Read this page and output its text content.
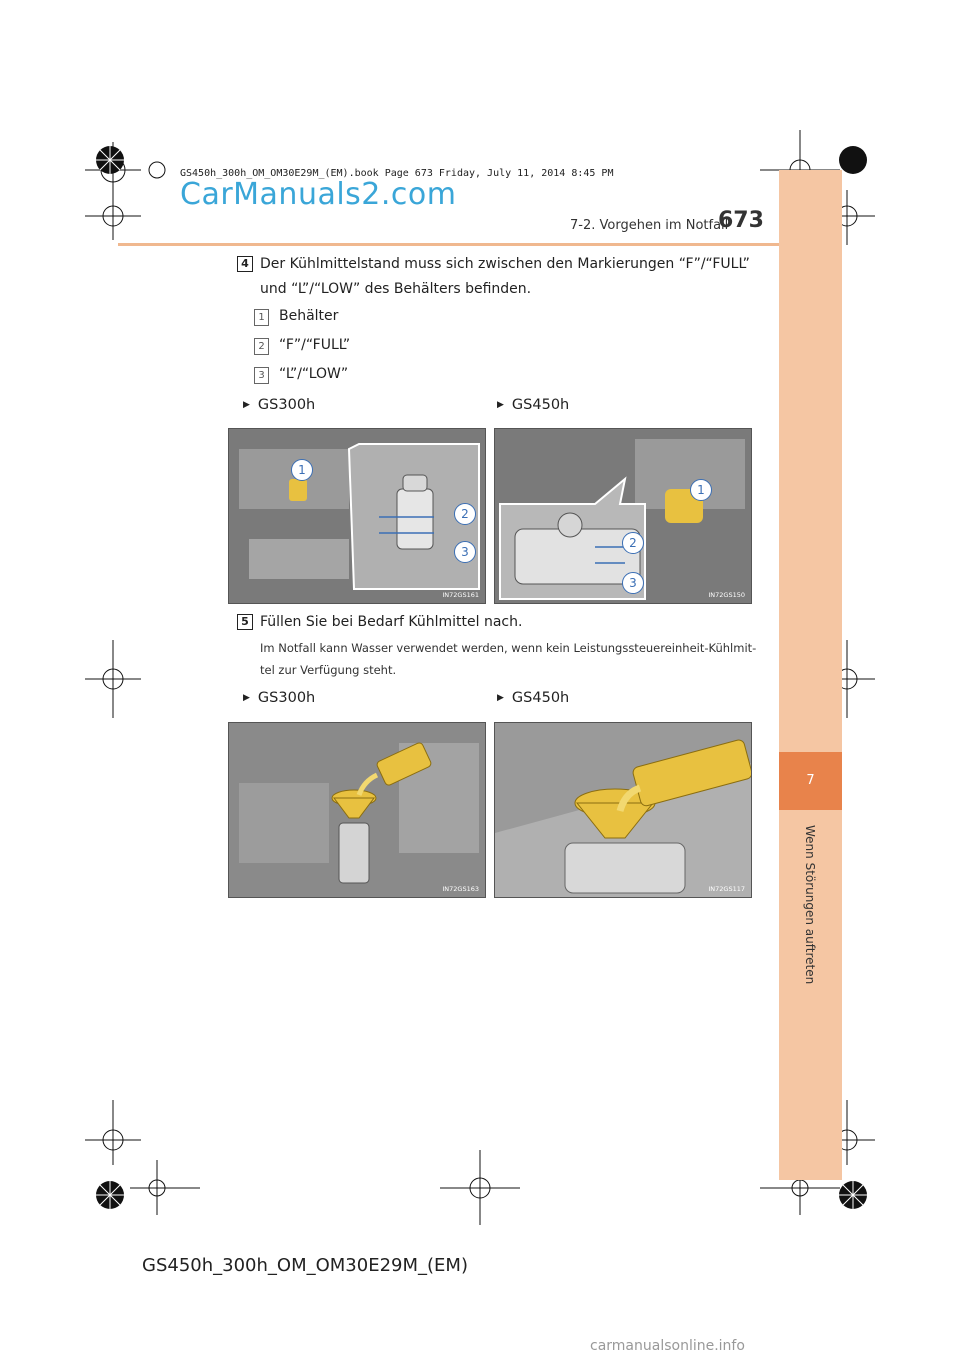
7
Wenn Störungen auftreten
GS450h_300h_OM_OM30E29M_(EM).book Page 673 Friday, July 11, 2014 8:45 PM
CarManuals2.com
7-2. Vorgehen im Notfall
673
4 Der Kühlmittelstand muss sich zwischen den Markierungen “F”/“FULL”
und “L”/“LOW” des Behälters befinden.
1	Behälter
2	“F”/“FULL”
3	“L”/“LOW”
▶ GS300h	▶ GS450h
1
2
3
IN72GS161
1
2
3
IN72GS150
5 Füllen Sie bei Bedarf Kühlmittel nach.
Im Notfall kann Wasser verwendet werden, wenn kein Leistungssteuereinheit-Kühlmit-
tel zur Verfügung steht.
▶ GS300h	▶ GS450h
IN72GS163	IN72GS117
GS450h_300h_OM_OM30E29M_(EM)
carmanualsonline.info
